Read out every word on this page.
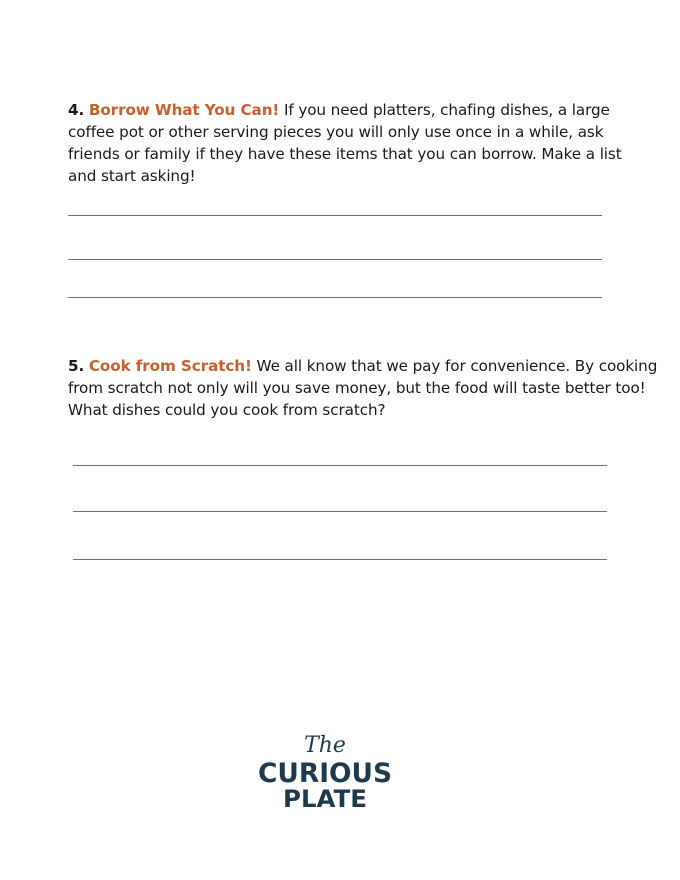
4. Borrow What You Can! If you need platters, chafing dishes, a large coffee pot or other serving pieces you will only use once in a while, ask friends or family if they have these items that you can borrow. Make a list and start asking!
5. Cook from Scratch! We all know that we pay for convenience. By cooking from scratch not only will you save money, but the food will taste better too! What dishes could you cook from scratch?
The
CURIOUS
PLATE
